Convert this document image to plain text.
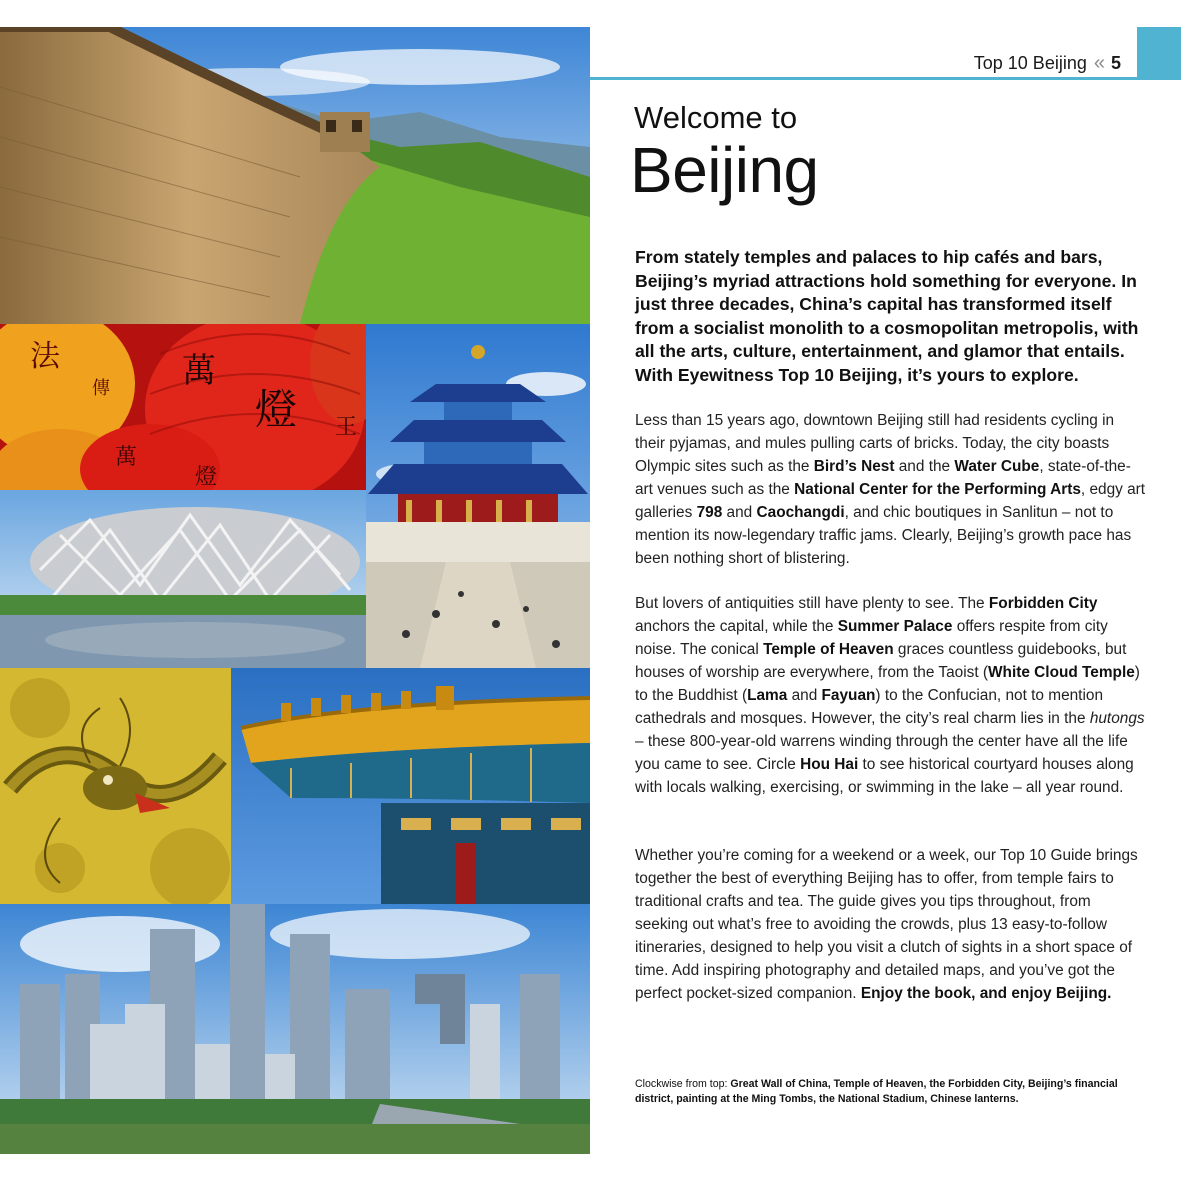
法
傳 萬
燈
萬
燈
王
Top 10 Beijing « 5
Welcome to
Beijing

From stately temples and palaces to hip cafés and bars, Beijing’s myriad attractions hold something for everyone. In just three decades, China’s capital has transformed itself from a socialist monolith to a cosmopolitan metropolis, with all the arts, culture, entertainment, and glamor that entails. With Eyewitness Top 10 Beijing, it’s yours to explore.

Less than 15 years ago, downtown Beijing still had residents cycling in their pyjamas, and mules pulling carts of bricks. Today, the city boasts Olympic sites such as the Bird’s Nest and the Water Cube, state-of-the-art venues such as the National Center for the Performing Arts, edgy art galleries 798 and Caochangdi, and chic boutiques in Sanlitun – not to mention its now-legendary traffic jams. Clearly, Beijing’s growth pace has been nothing short of blistering.

But lovers of antiquities still have plenty to see. The Forbidden City anchors the capital, while the Summer Palace offers respite from city noise. The conical Temple of Heaven graces countless guidebooks, but houses of worship are everywhere, from the Taoist (White Cloud Temple) to the Buddhist (Lama and Fayuan) to the Confucian, not to mention cathedrals and mosques. However, the city’s real charm lies in the hutongs – these 800-year-old warrens winding through the center have all the life you came to see. Circle Hou Hai to see historical courtyard houses along with locals walking, exercising, or swimming in the lake – all year round.

Whether you’re coming for a weekend or a week, our Top 10 Guide brings together the best of everything Beijing has to offer, from temple fairs to traditional crafts and tea. The guide gives you tips throughout, from seeking out what’s free to avoiding the crowds, plus 13 easy-to-follow itineraries, designed to help you visit a clutch of sights in a short space of time. Add inspiring photography and detailed maps, and you’ve got the perfect pocket-sized companion. Enjoy the book, and enjoy Beijing.

Clockwise from top: Great Wall of China, Temple of Heaven, the Forbidden City, Beijing’s financial district, painting at the Ming Tombs, the National Stadium, Chinese lanterns.
